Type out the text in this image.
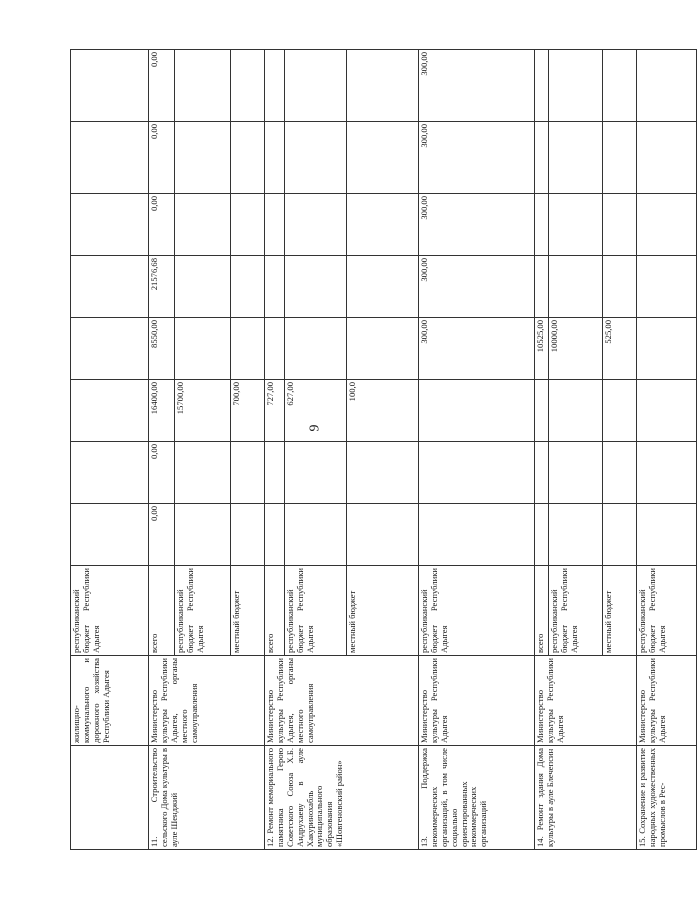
9
	жилищно-коммунального и дорожного хозяйства Республики Адыгея	республиканский бюджет Республики Адыгея								
11. Строительство сельского Дома культуры в ауле Шенджий	Министерство культуры Республики Адыгея, органы местного самоуправления	всего	0,00	0,00	16400,00	8550,00	21576,68	0,00	0,00	0,00
		республиканский бюджет Республики Адыгея			15700,00					
		местный бюджет			700,00					
12. Ремонт мемориального памятника Герою Советского Союза Х.Б. Андрухаеву в ауле Хакуринохабль муниципального образования «Шовгеновский район»	Министерство культуры Республики Адыгея, органы местного самоуправления	всего			727,00					
		республиканский бюджет Республики Адыгея			627,00					
		местный бюджет			100,0					
13. Поддержка некоммерческих организаций, в том числе социально ориентированных некоммерческих организаций	Министерство культуры Республики Адыгея	республиканский бюджет Республики Адыгея				300,00	300,00	300,00	300,00	300,00
14. Ремонт здания Дома культуры в ауле Блечепсин	Министерство культуры Республики Адыгея	всего				10525,00				
		республиканский бюджет Республики Адыгея				10000,00				
		местный бюджет				525,00				
15. Сохранение и развитие народных художественных промыслов в Рес-	Министерство культуры Республики Адыгея	республиканский бюджет Республики Адыгея								
